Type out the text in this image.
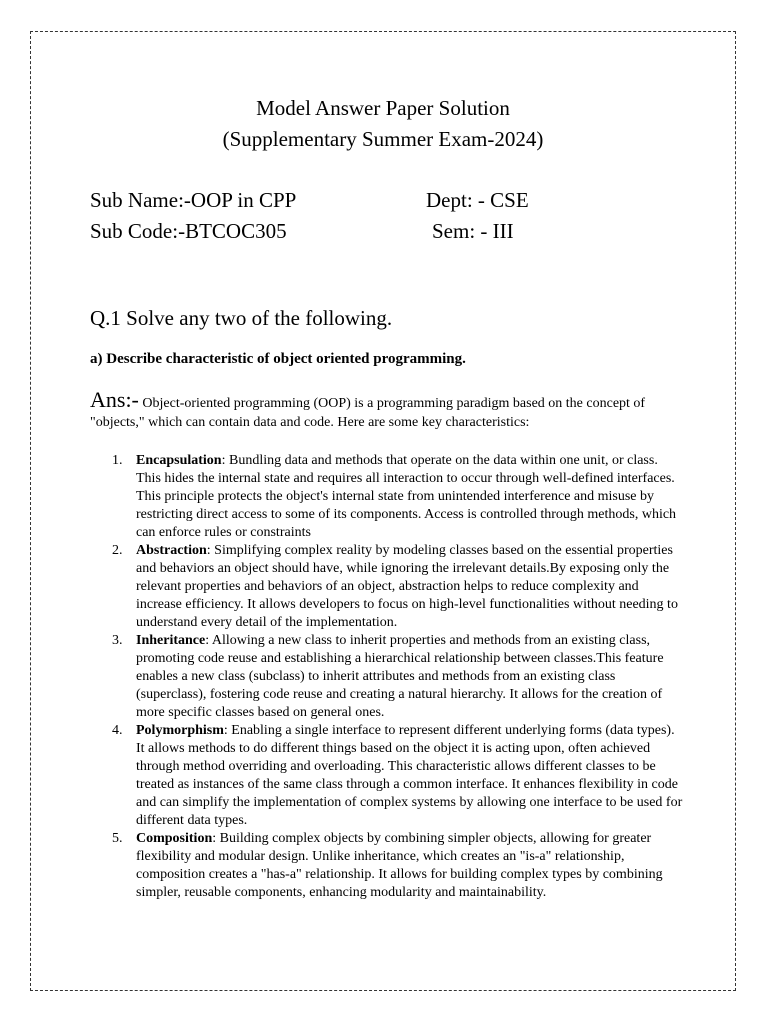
Model Answer Paper Solution
(Supplementary Summer Exam-2024)
Sub Name:-OOP in CPP	Dept: - CSE
Sub Code:-BTCOC305	Sem: - III
Q.1 Solve any two of the following.
a) Describe characteristic of object oriented programming.
Ans:- Object-oriented programming (OOP) is a programming paradigm based on the concept of "objects," which can contain data and code. Here are some key characteristics:
1. Encapsulation: Bundling data and methods that operate on the data within one unit, or class. This hides the internal state and requires all interaction to occur through well-defined interfaces. This principle protects the object's internal state from unintended interference and misuse by restricting direct access to some of its components. Access is controlled through methods, which can enforce rules or constraints
2. Abstraction: Simplifying complex reality by modeling classes based on the essential properties and behaviors an object should have, while ignoring the irrelevant details.By exposing only the relevant properties and behaviors of an object, abstraction helps to reduce complexity and increase efficiency. It allows developers to focus on high-level functionalities without needing to understand every detail of the implementation.
3. Inheritance: Allowing a new class to inherit properties and methods from an existing class, promoting code reuse and establishing a hierarchical relationship between classes.This feature enables a new class (subclass) to inherit attributes and methods from an existing class (superclass), fostering code reuse and creating a natural hierarchy. It allows for the creation of more specific classes based on general ones.
4. Polymorphism: Enabling a single interface to represent different underlying forms (data types). It allows methods to do different things based on the object it is acting upon, often achieved through method overriding and overloading. This characteristic allows different classes to be treated as instances of the same class through a common interface. It enhances flexibility in code and can simplify the implementation of complex systems by allowing one interface to be used for different data types.
5. Composition: Building complex objects by combining simpler objects, allowing for greater flexibility and modular design. Unlike inheritance, which creates an "is-a" relationship, composition creates a "has-a" relationship. It allows for building complex types by combining simpler, reusable components, enhancing modularity and maintainability.
